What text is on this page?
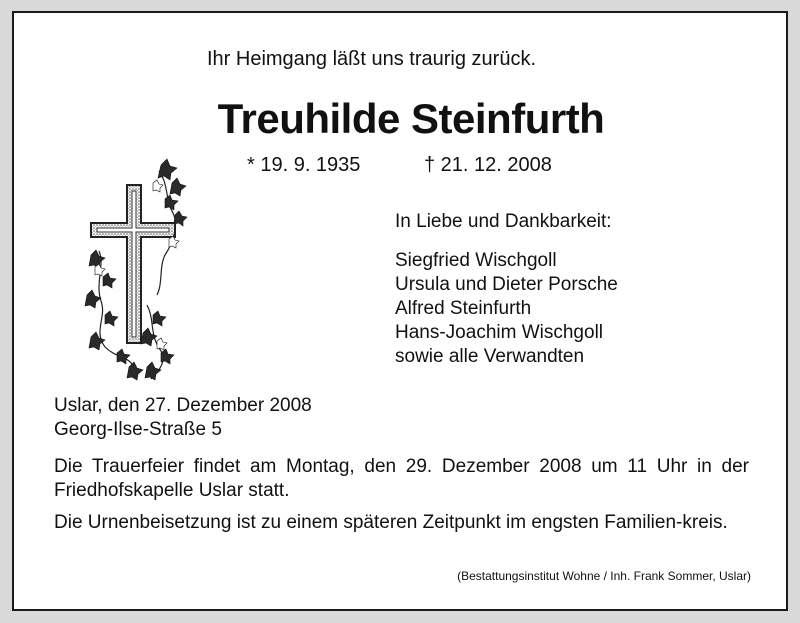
Ihr Heimgang läßt uns traurig zurück.
Treuhilde Steinfurth
* 19. 9. 1935	† 21. 12. 2008
In Liebe und Dankbarkeit:
Siegfried Wischgoll
Ursula und Dieter Porsche
Alfred Steinfurth
Hans-Joachim Wischgoll
sowie alle Verwandten
Uslar, den 27. Dezember 2008
Georg-Ilse-Straße 5
Die Trauerfeier findet am Montag, den 29. Dezember 2008 um 11 Uhr in der Friedhofskapelle Uslar statt.
Die Urnenbeisetzung ist zu einem späteren Zeitpunkt im engsten Familien-kreis.
(Bestattungsinstitut Wohne / Inh. Frank Sommer, Uslar)
